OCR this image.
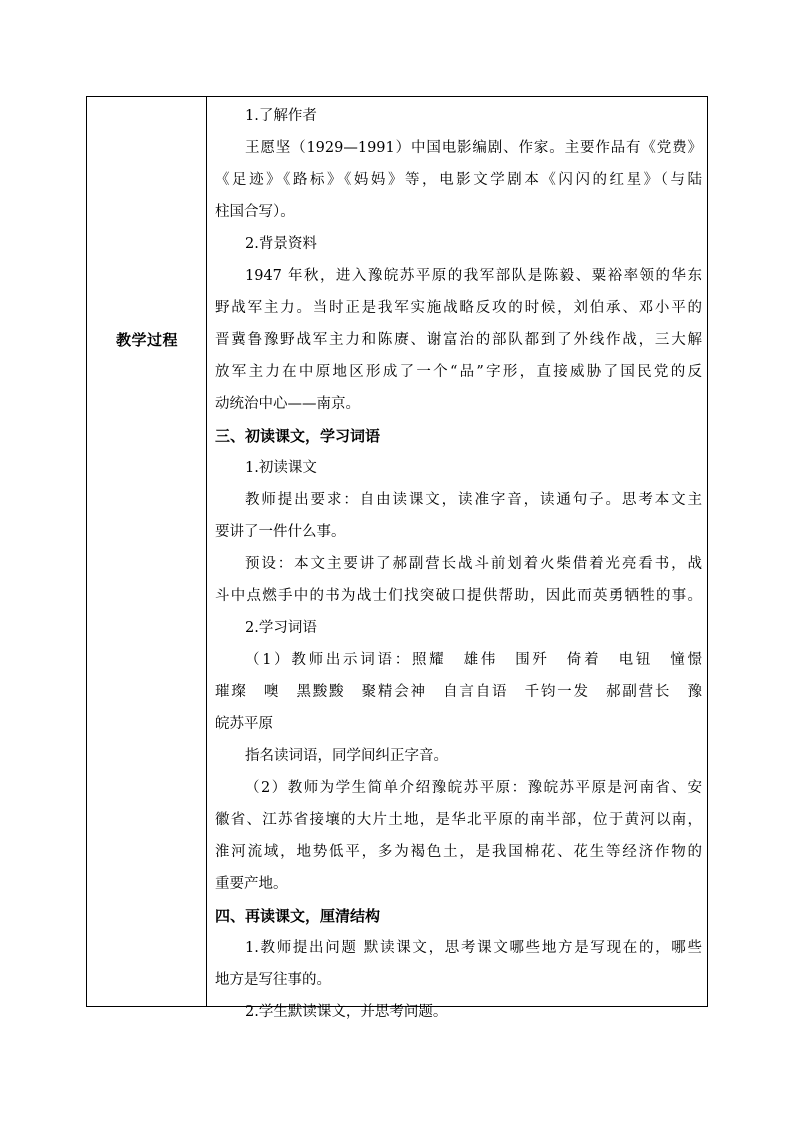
教学过程
1.了解作者
王愿坚（1929—1991）中国电影编剧、作家。主要作品有《党费》
《足迹》《路标》《妈妈》等，电影文学剧本《闪闪的红星》（与陆
柱国合写）。
2.背景资料
1947 年秋，进入豫皖苏平原的我军部队是陈毅、粟裕率领的华东
野战军主力。当时正是我军实施战略反攻的时候，刘伯承、邓小平的
晋冀鲁豫野战军主力和陈赓、谢富治的部队都到了外线作战，三大解
放军主力在中原地区形成了一个“品”字形，直接威胁了国民党的反
动统治中心——南京。
三、初读课文，学习词语
1.初读课文
教师提出要求：自由读课文，读准字音，读通句子。思考本文主
要讲了一件什么事。
预设：本文主要讲了郝副营长战斗前划着火柴借着光亮看书，战
斗中点燃手中的书为战士们找突破口提供帮助，因此而英勇牺牲的事。
2.学习词语
（1）教师出示词语：照耀　雄伟　围歼　倚着　电钮　憧憬
璀璨　噢　黑黢黢　聚精会神　自言自语　千钧一发　郝副营长　豫
皖苏平原
指名读词语，同学间纠正字音。
（2）教师为学生简单介绍豫皖苏平原：豫皖苏平原是河南省、安
徽省、江苏省接壤的大片土地，是华北平原的南半部，位于黄河以南，
淮河流域，地势低平，多为褐色土，是我国棉花、花生等经济作物的
重要产地。
四、再读课文，厘清结构
1.教师提出问题 默读课文，思考课文哪些地方是写现在的，哪些
地方是写往事的。
2.学生默读课文，并思考问题。
